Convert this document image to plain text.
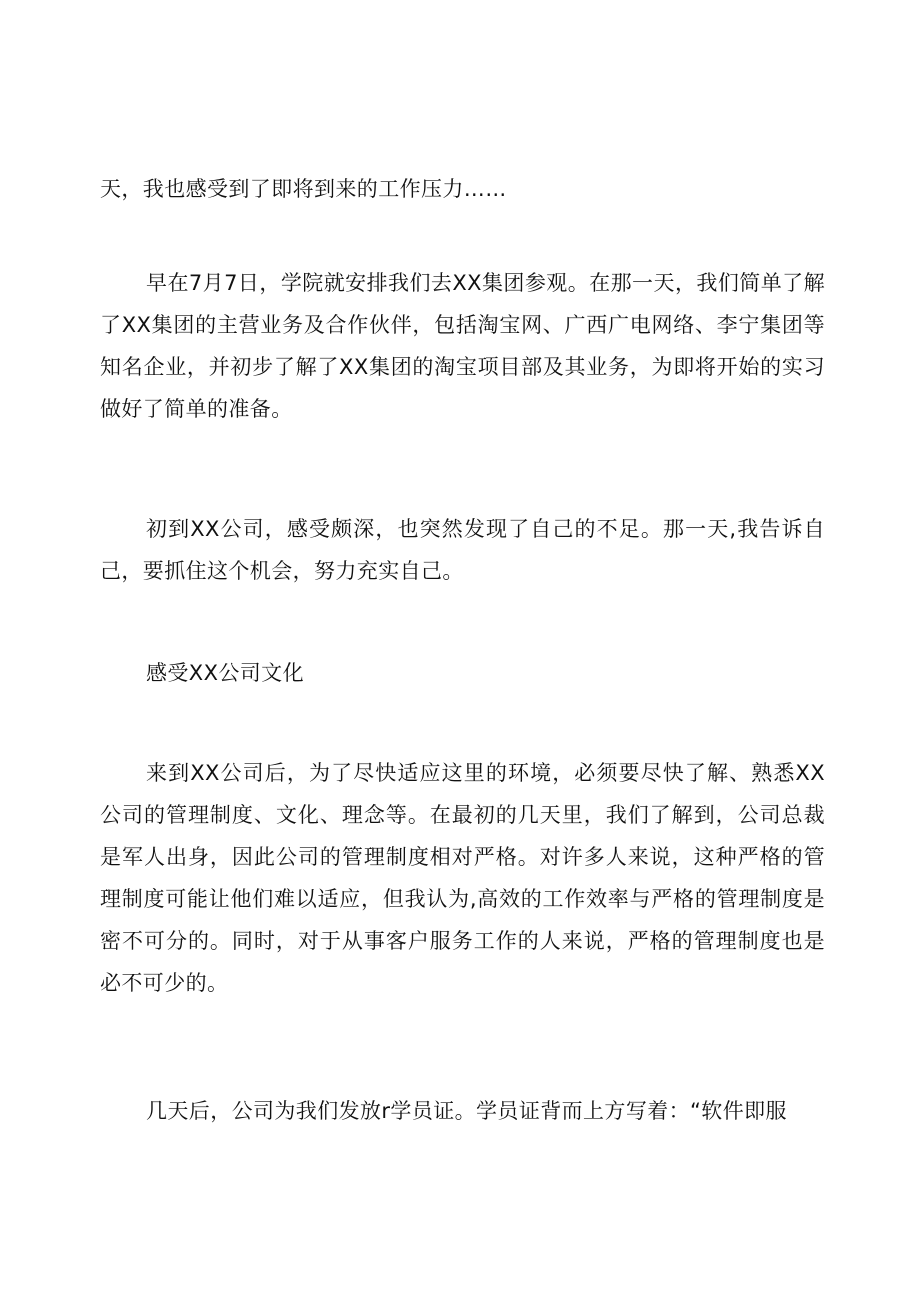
天，我也感受到了即将到来的工作压力……

早在7月7日，学院就安排我们去XX集团参观。在那一天，我们简单了解了XX集团的主营业务及合作伙伴，包括淘宝网、广西广电网络、李宁集团等知名企业，并初步了解了XX集团的淘宝项目部及其业务，为即将开始的实习做好了简单的准备。

初到XX公司，感受颇深，也突然发现了自己的不足。那一天,我告诉自己，要抓住这个机会，努力充实自己。

感受XX公司文化

来到XX公司后，为了尽快适应这里的环境，必须要尽快了解、熟悉XX公司的管理制度、文化、理念等。在最初的几天里，我们了解到，公司总裁是军人出身，因此公司的管理制度相对严格。对许多人来说，这种严格的管理制度可能让他们难以适应，但我认为,高效的工作效率与严格的管理制度是密不可分的。同时，对于从事客户服务工作的人来说，严格的管理制度也是必不可少的。

几天后，公司为我们发放r学员证。学员证背而上方写着：“软件即服
